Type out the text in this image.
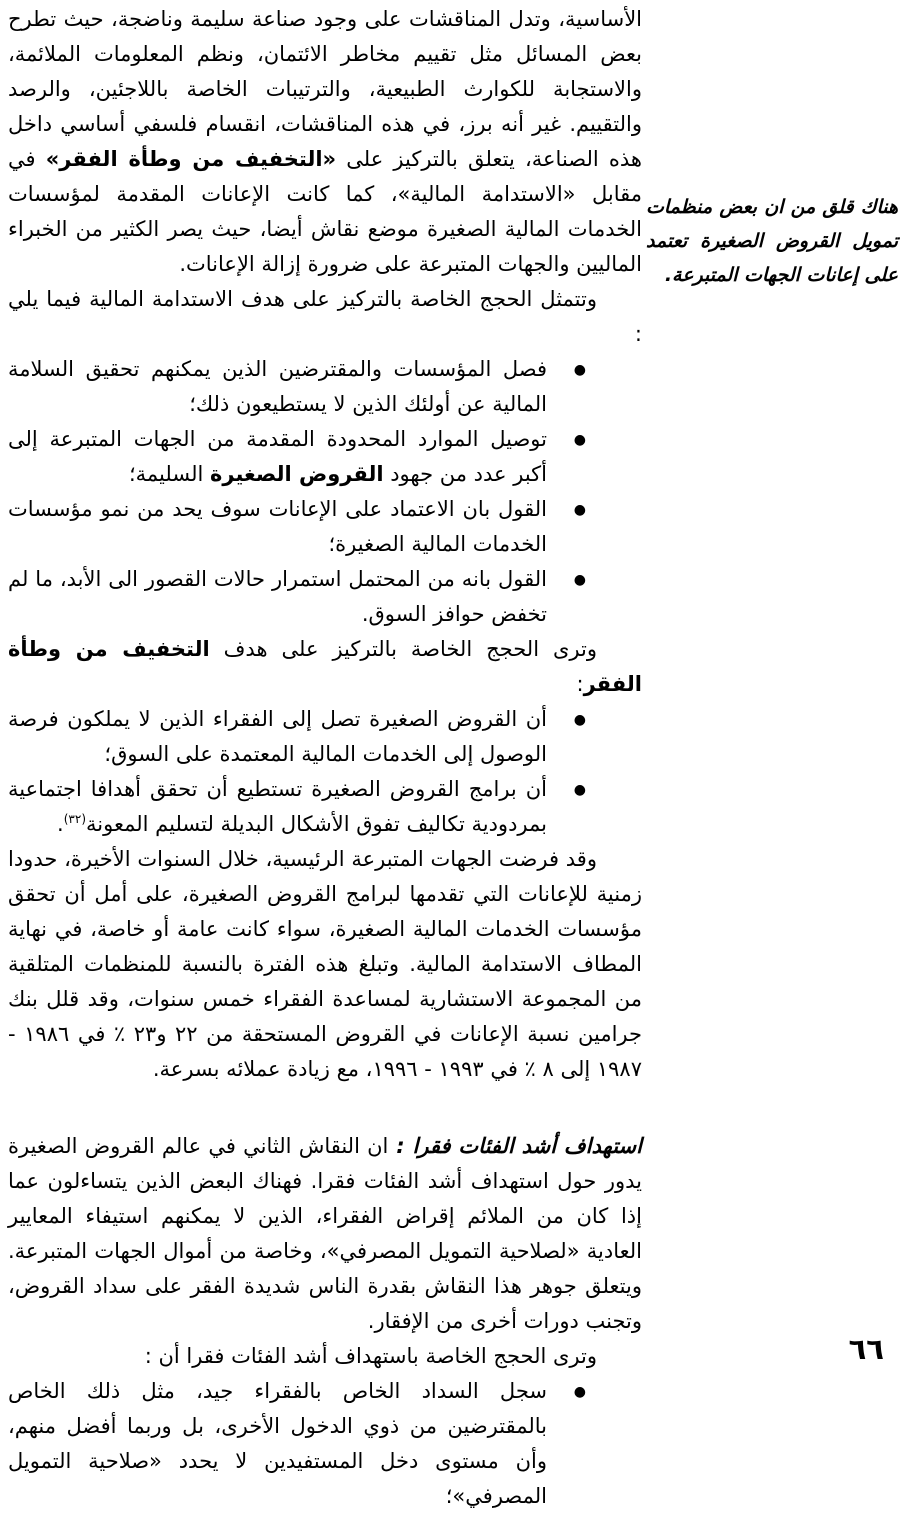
الأساسية، وتدل المناقشات على وجود صناعة سليمة وناضجة، حيث تطرح بعض المسائل مثل تقييم مخاطر الائتمان، ونظم المعلومات الملائمة، والاستجابة للكوارث الطبيعية، والترتيبات الخاصة باللاجئين، والرصد والتقييم. غير أنه برز، في هذه المناقشات، انقسام فلسفي أساسي داخل هذه الصناعة، يتعلق بالتركيز على «التخفيف من وطأة الفقر» في مقابل «الاستدامة المالية»، كما كانت الإعانات المقدمة لمؤسسات الخدمات المالية الصغيرة موضع نقاش أيضا، حيث يصر الكثير من الخبراء الماليين والجهات المتبرعة على ضرورة إزالة الإعانات.

وتتمثل الحجج الخاصة بالتركيز على هدف الاستدامة المالية فيما يلي :

●
فصل المؤسسات والمقترضين الذين يمكنهم تحقيق السلامة المالية عن أولئك الذين لا يستطيعون ذلك؛
●
توصيل الموارد المحدودة المقدمة من الجهات المتبرعة إلى أكبر عدد من جهود القروض الصغيرة السليمة؛
●
القول بان الاعتماد على الإعانات سوف يحد من نمو مؤسسات الخدمات المالية الصغيرة؛
●
القول بانه من المحتمل استمرار حالات القصور الى الأبد، ما لم تخفض حوافز السوق.

وترى الحجج الخاصة بالتركيز على هدف التخفيف من وطأة الفقر:

●
أن القروض الصغيرة تصل إلى الفقراء الذين لا يملكون فرصة الوصول إلى الخدمات المالية المعتمدة على السوق؛
●
أن برامج القروض الصغيرة تستطيع أن تحقق أهدافا اجتماعية بمردودية تكاليف تفوق الأشكال البديلة لتسليم المعونة$^{(٣٢)}$.

وقد فرضت الجهات المتبرعة الرئيسية، خلال السنوات الأخيرة، حدودا زمنية للإعانات التي تقدمها لبرامج القروض الصغيرة، على أمل أن تحقق مؤسسات الخدمات المالية الصغيرة، سواء كانت عامة أو خاصة، في نهاية المطاف الاستدامة المالية. وتبلغ هذه الفترة بالنسبة للمنظمات المتلقية من المجموعة الاستشارية لمساعدة الفقراء خمس سنوات، وقد قلل بنك جرامين نسبة الإعانات في القروض المستحقة من ٢٢ و٢٣ ٪ في ١٩٨٦ - ١٩٨٧ إلى ٨ ٪ في ١٩٩٣ - ١٩٩٦، مع زيادة عملائه بسرعة.

استهداف أشد الفئات فقرا : ان النقاش الثاني في عالم القروض الصغيرة يدور حول استهداف أشد الفئات فقرا. فهناك البعض الذين يتساءلون عما إذا كان من الملائم إقراض الفقراء، الذين لا يمكنهم استيفاء المعايير العادية «لصلاحية التمويل المصرفي»، وخاصة من أموال الجهات المتبرعة. ويتعلق جوهر هذا النقاش بقدرة الناس شديدة الفقر على سداد القروض، وتجنب دورات أخرى من الإفقار.

وترى الحجج الخاصة باستهداف أشد الفئات فقرا أن :

●
سجل السداد الخاص بالفقراء جيد، مثل ذلك الخاص بالمقترضين من ذوي الدخول الأخرى، بل وربما أفضل منهم، وأن مستوى دخل المستفيدين لا يحدد «صلاحية التمويل المصرفي»؛
هناك قلق من ان بعض منظمات تمويل القروض الصغيرة تعتمد على إعانات الجهات المتبرعة.
٦٦
